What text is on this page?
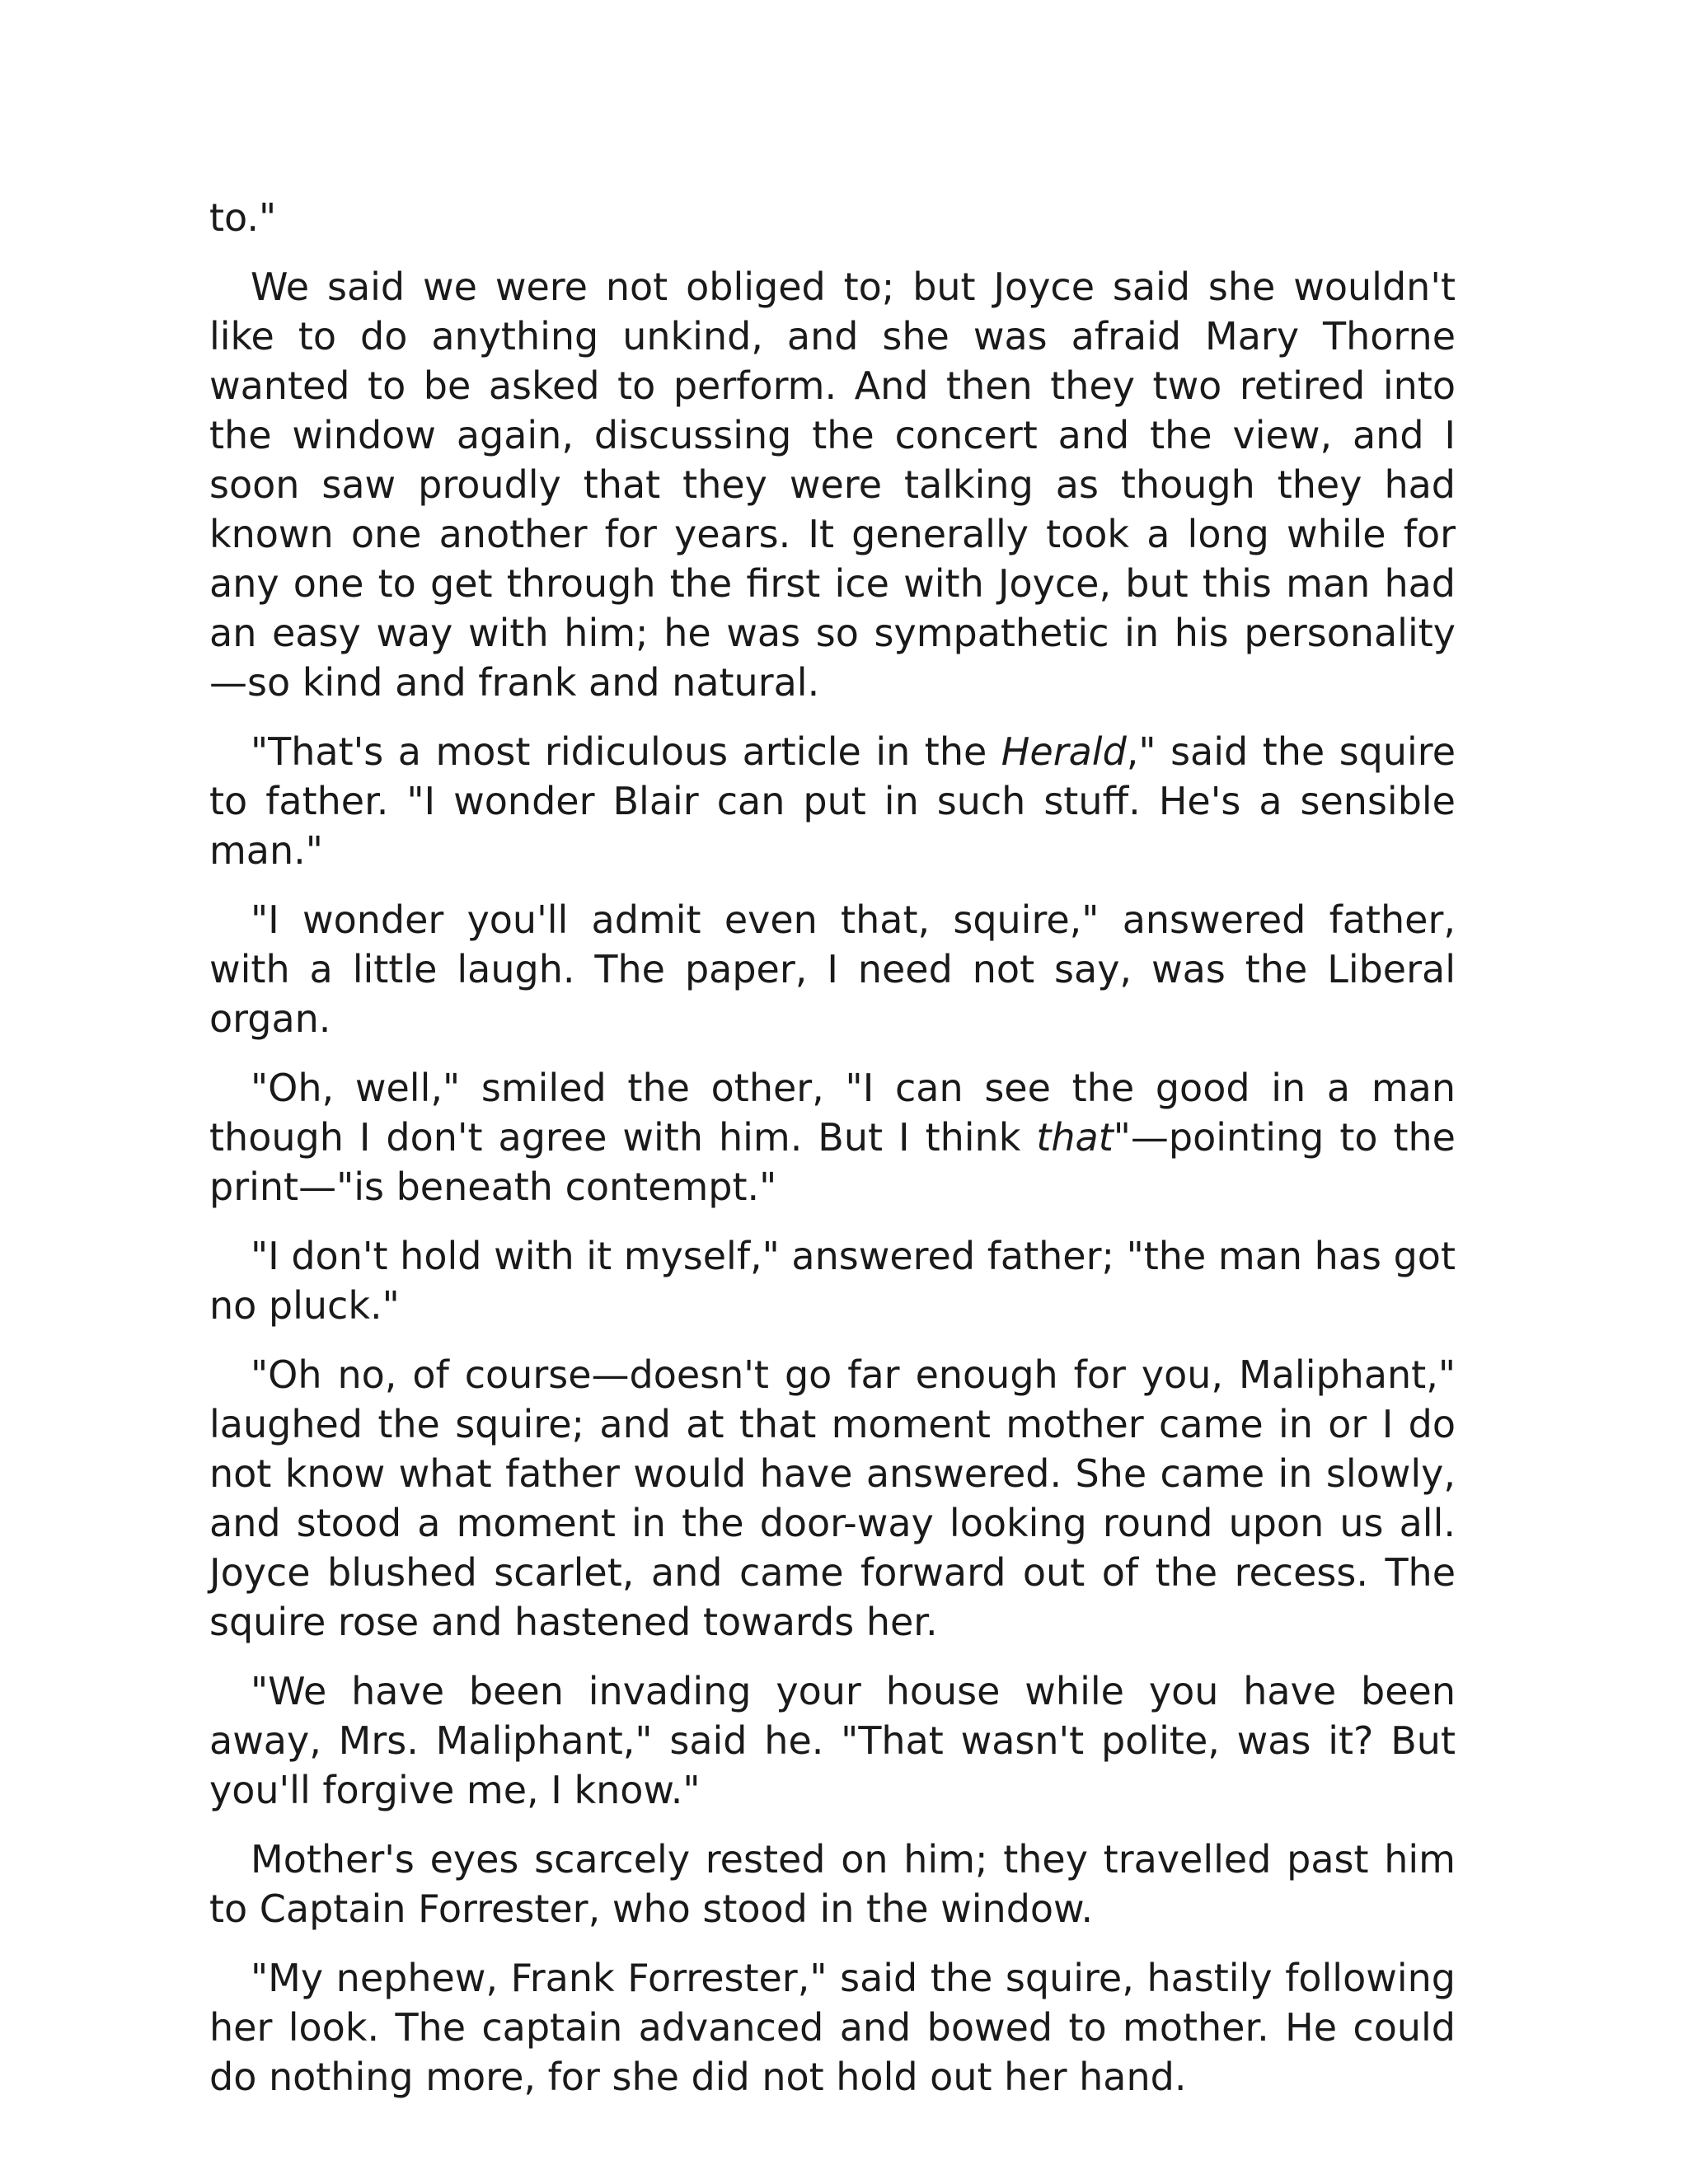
to."

We said we were not obliged to; but Joyce said she wouldn't like to do anything unkind, and she was afraid Mary Thorne wanted to be asked to perform. And then they two retired into the window again, discussing the concert and the view, and I soon saw proudly that they were talking as though they had known one another for years. It generally took a long while for any one to get through the first ice with Joyce, but this man had an easy way with him; he was so sympathetic in his personality—so kind and frank and natural.

"That's a most ridiculous article in the Herald," said the squire to father. "I wonder Blair can put in such stuff. He's a sensible man."

"I wonder you'll admit even that, squire," answered father, with a little laugh. The paper, I need not say, was the Liberal organ.

"Oh, well," smiled the other, "I can see the good in a man though I don't agree with him. But I think that"—pointing to the print—"is beneath contempt."

"I don't hold with it myself," answered father; "the man has got no pluck."

"Oh no, of course—doesn't go far enough for you, Maliphant," laughed the squire; and at that moment mother came in or I do not know what father would have answered. She came in slowly, and stood a moment in the door-way looking round upon us all. Joyce blushed scarlet, and came forward out of the recess. The squire rose and hastened towards her.

"We have been invading your house while you have been away, Mrs. Maliphant," said he. "That wasn't polite, was it? But you'll forgive me, I know."

Mother's eyes scarcely rested on him; they travelled past him to Captain Forrester, who stood in the window.

"My nephew, Frank Forrester," said the squire, hastily following her look. The captain advanced and bowed to mother. He could do nothing more, for she did not hold out her hand.
